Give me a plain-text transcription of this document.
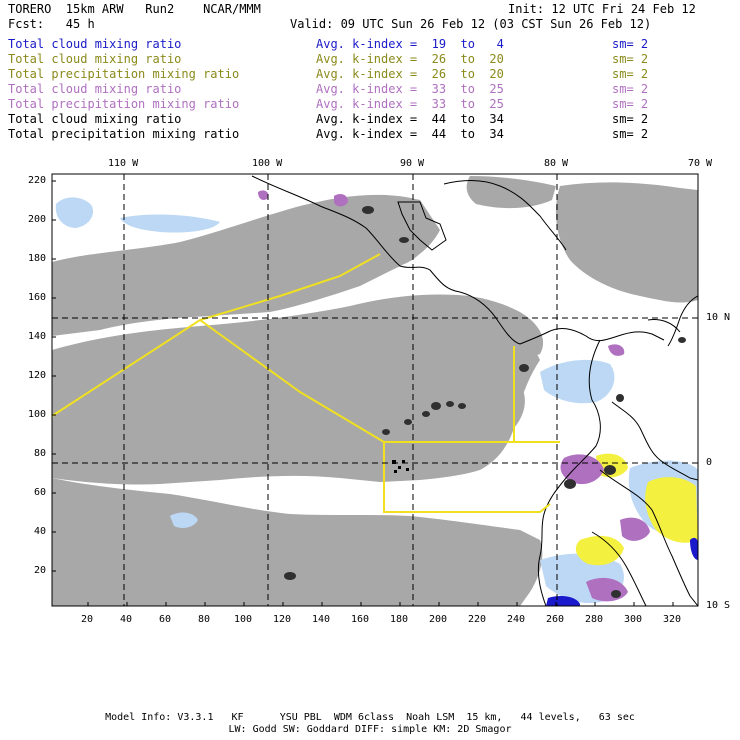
TORERO  15km ARW   Run2    NCAR/MMM	Init: 12 UTC Fri 24 Feb 12
Fcst:   45 h	Valid: 09 UTC Sun 26 Feb 12 (03 CST Sun 26 Feb 12)
Total cloud mixing ratio	Avg. k-index =  19  to   4	sm= 2
Total cloud mixing ratio	Avg. k-index =  26  to  20	sm= 2
Total precipitation mixing ratio	Avg. k-index =  26  to  20	sm= 2
Total cloud mixing ratio	Avg. k-index =  33  to  25	sm= 2
Total precipitation mixing ratio	Avg. k-index =  33  to  25	sm= 2
Total cloud mixing ratio	Avg. k-index =  44  to  34	sm= 2
Total precipitation mixing ratio	Avg. k-index =  44  to  34	sm= 2
110 W	100 W	90 W	80 W	70 W
10 N
0
10 S
220
200
180
160
140
120
100
80
60
40
20
20	40	60	80 100 120 140 160 180 200 220 240 260 280 300 320
Model Info: V3.3.1   KF      YSU PBL  WDM 6class  Noah LSM  15 km,   44 levels,   63 sec
LW: Godd SW: Goddard DIFF: simple KM: 2D Smagor
